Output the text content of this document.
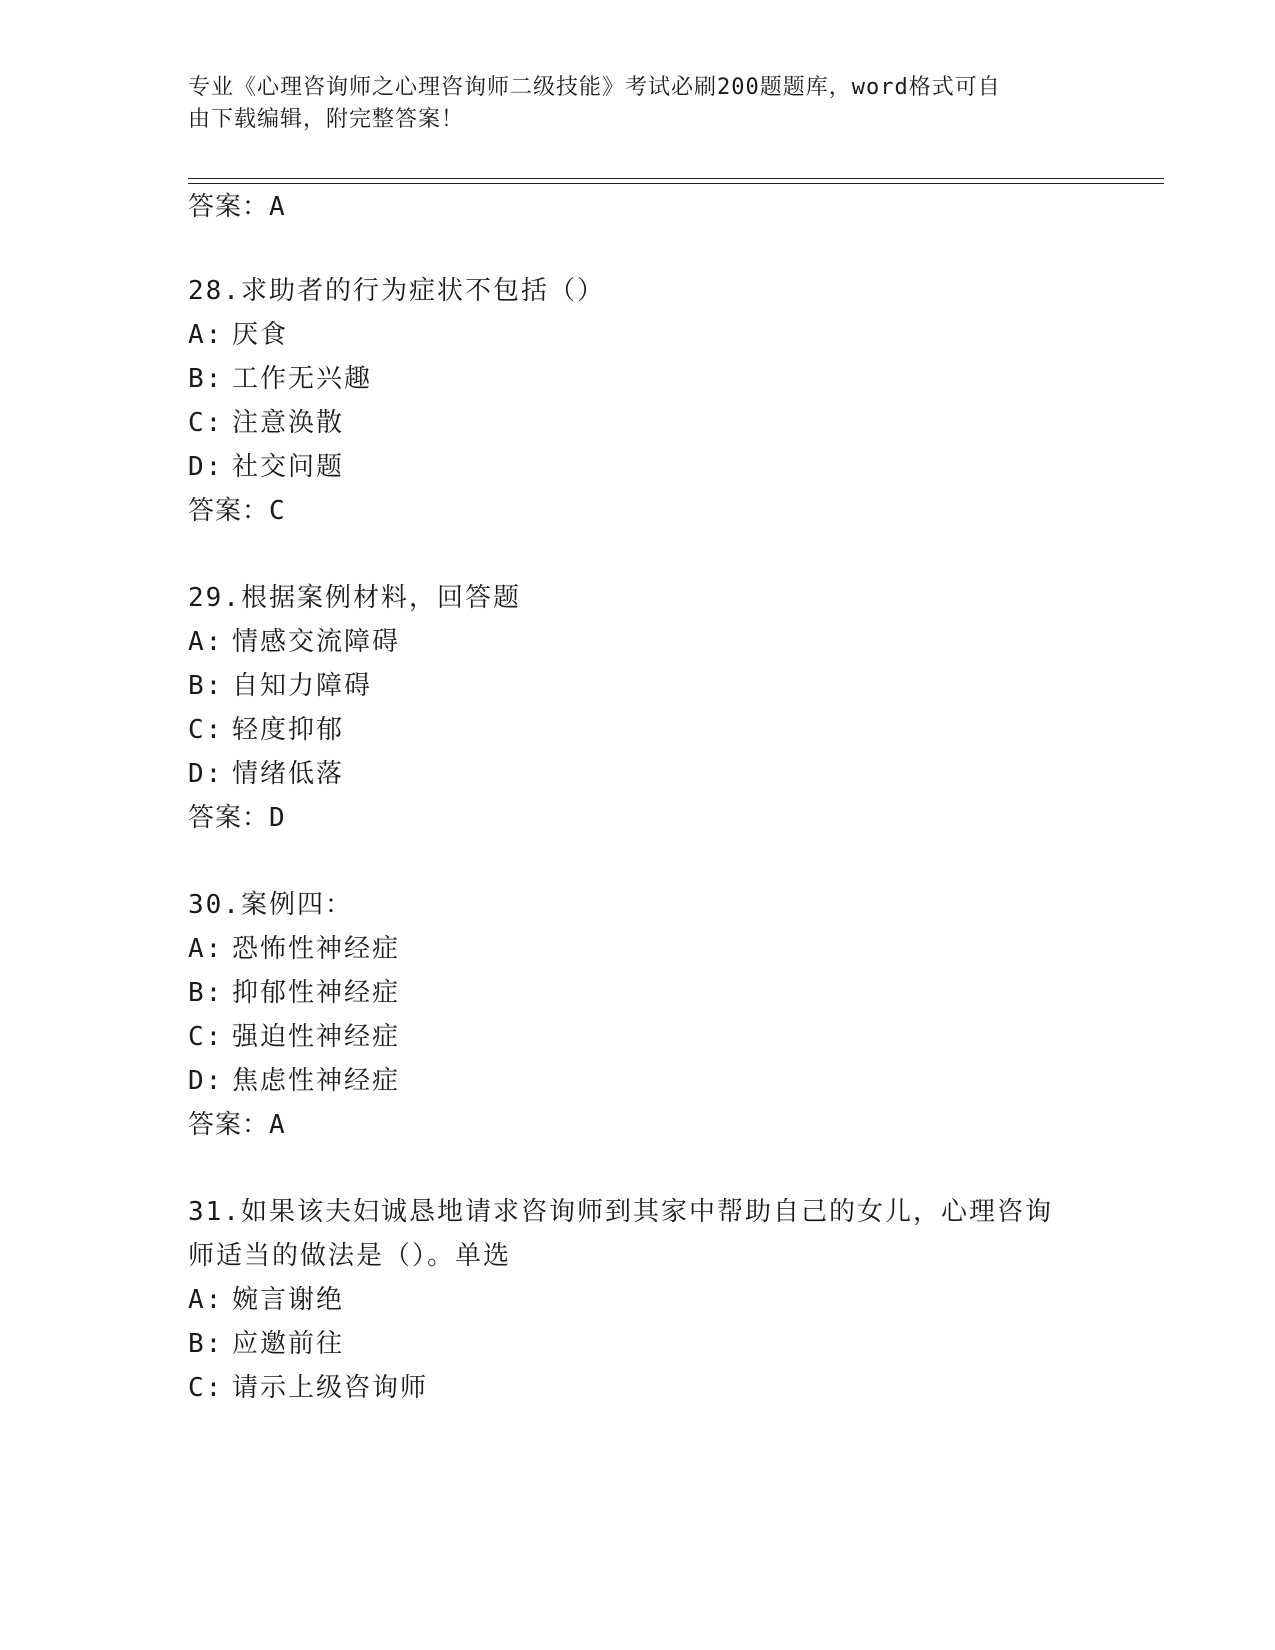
专业《心理咨询师之心理咨询师二级技能》考试必刷200题题库，word格式可自
由下载编辑，附完整答案！
答案：A
28.求助者的行为症状不包括（）
A: 厌食
B: 工作无兴趣
C: 注意涣散
D: 社交问题
答案：C
29.根据案例材料，回答题
A: 情感交流障碍
B: 自知力障碍
C: 轻度抑郁
D: 情绪低落
答案：D
30.案例四：
A: 恐怖性神经症
B: 抑郁性神经症
C: 强迫性神经症
D: 焦虑性神经症
答案：A
31.如果该夫妇诚恳地请求咨询师到其家中帮助自己的女儿，心理咨询
师适当的做法是（）。单选
A: 婉言谢绝
B: 应邀前往
C: 请示上级咨询师
